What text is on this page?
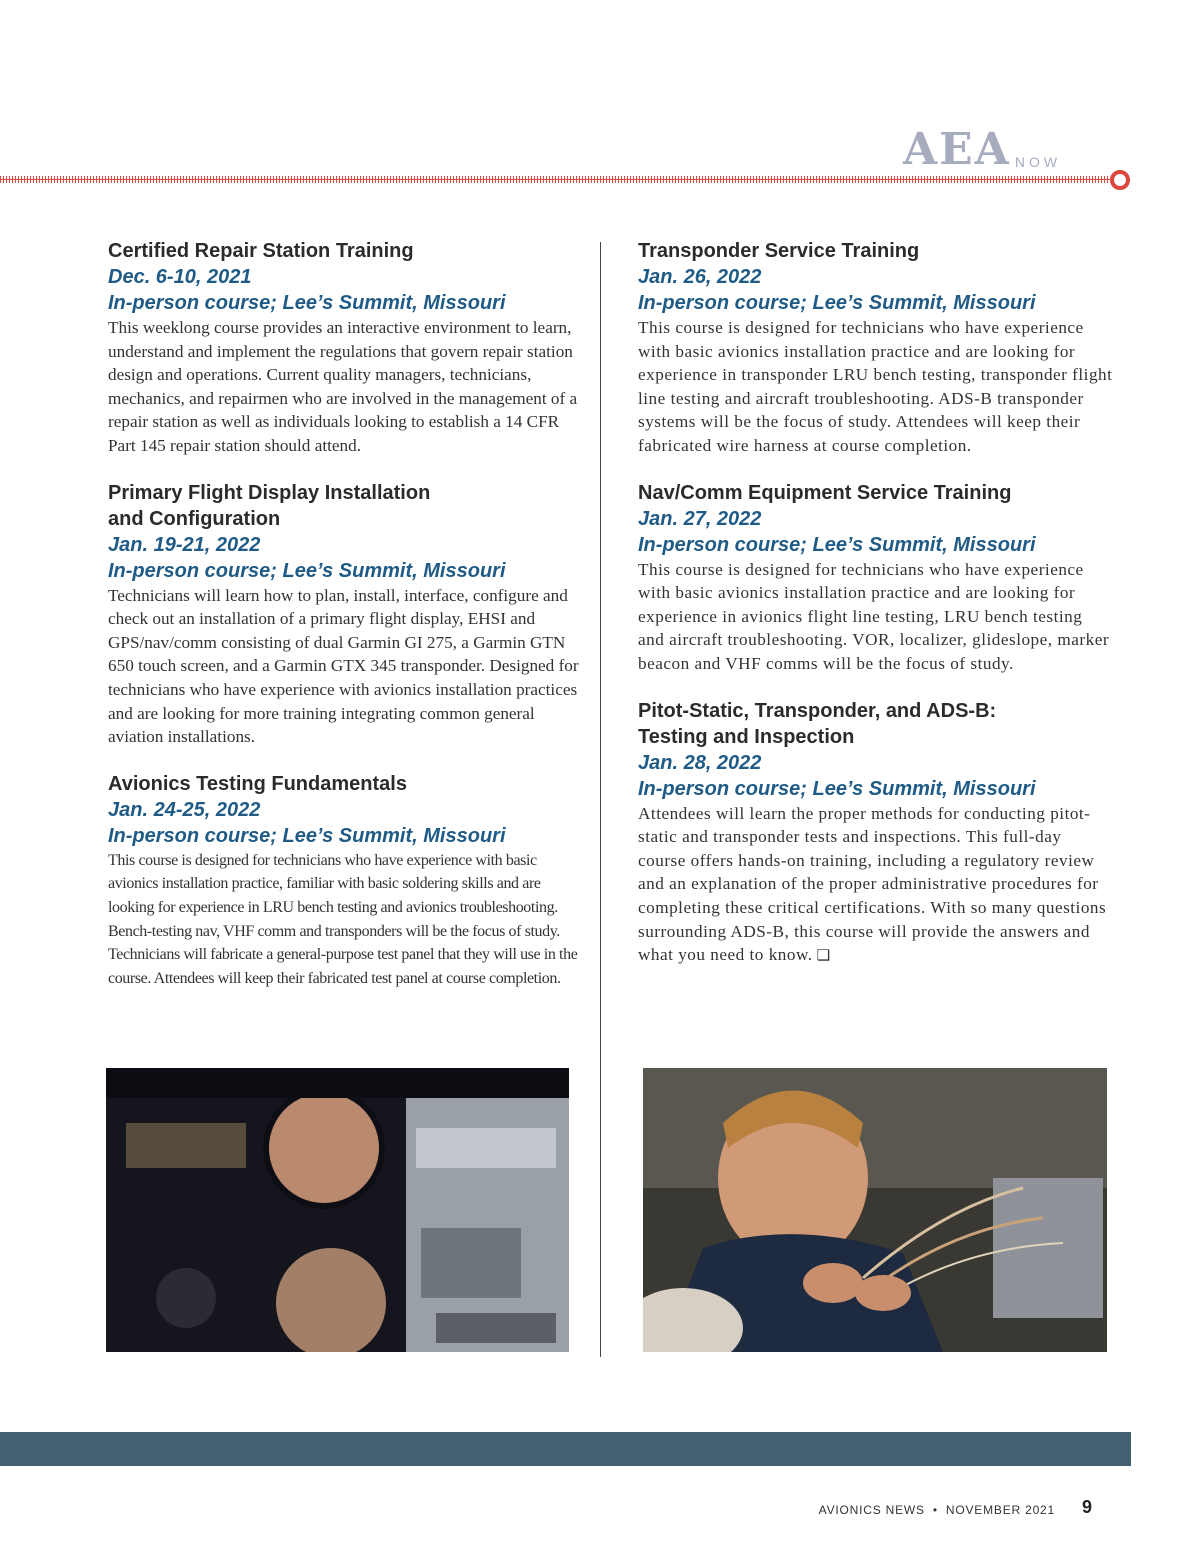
AEA NOW

Certified Repair Station Training

Dec. 6-10, 2021

In-person course; Lee’s Summit, Missouri

This weeklong course provides an interactive environment to learn, understand and implement the regulations that govern repair station design and operations. Current quality managers, technicians, mechanics, and repairmen who are involved in the management of a repair station as well as individuals looking to establish a 14 CFR Part 145 repair station should attend.

Primary Flight Display Installation

and Configuration

Jan. 19-21, 2022

In-person course; Lee’s Summit, Missouri

Technicians will learn how to plan, install, interface, configure and check out an installation of a primary flight display, EHSI and GPS/nav/comm consisting of dual Garmin GI 275, a Garmin GTN 650 touch screen, and a Garmin GTX 345 transponder. Designed for technicians who have experience with avionics installation practices and are looking for more training integrating common general aviation installations.

Avionics Testing Fundamentals

Jan. 24-25, 2022

In-person course; Lee’s Summit, Missouri

This course is designed for technicians who have experience with basic avionics installation practice, familiar with basic soldering skills and are looking for experience in LRU bench testing and avionics troubleshooting. Bench-testing nav, VHF comm and transponders will be the focus of study. Technicians will fabricate a general-purpose test panel that they will use in the course. Attendees will keep their fabricated test panel at course completion.

Transponder Service Training

Jan. 26, 2022

In-person course; Lee’s Summit, Missouri

This course is designed for technicians who have experience with basic avionics installation practice and are looking for experience in transponder LRU bench testing, transponder flight line testing and aircraft troubleshooting. ADS-B transponder systems will be the focus of study. Attendees will keep their fabricated wire harness at course completion.

Nav/Comm Equipment Service Training

Jan. 27, 2022

In-person course; Lee’s Summit, Missouri

This course is designed for technicians who have experience with basic avionics installation practice and are looking for experience in avionics flight line testing, LRU bench testing and aircraft troubleshooting. VOR, localizer, glideslope, marker beacon and VHF comms will be the focus of study.

Pitot-Static, Transponder, and ADS-B:

Testing and Inspection

Jan. 28, 2022

In-person course; Lee’s Summit, Missouri

Attendees will learn the proper methods for conducting pitot-static and transponder tests and inspections. This full-day course offers hands-on training, including a regulatory review and an explanation of the proper administrative procedures for completing these critical certifications. With so many questions surrounding ADS-B, this course will provide the answers and what you need to know. ❏

AVIONICS NEWS • NOVEMBER 2021 9
